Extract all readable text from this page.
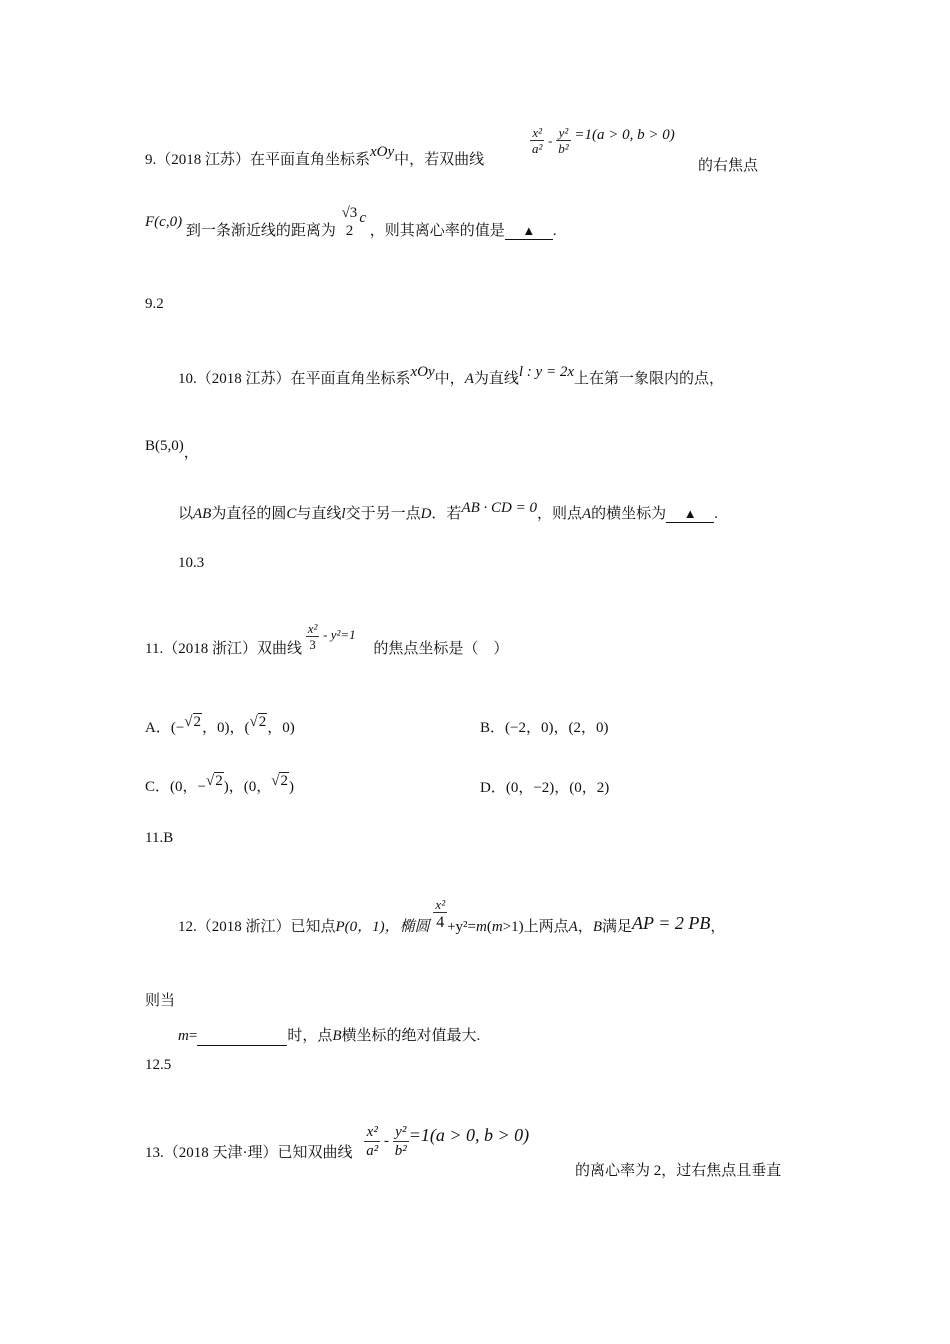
9.（2018 江苏）在平面直角坐标系xOy中，若双曲线
$\frac{\text{x²}}{\text{a²}} - \frac{\text{y²}}{\text{b²}} =1(a > 0$, b > 0)
的右焦点
F(c,0) 到一条渐近线的距离为
√3
2
c ，则其离心率的值是 ▲ .
9.2
10.（2018 江苏）在平面直角坐标系xOy中，A为直线l : y = 2x上在第一象限内的点，
B(5,0)，
以AB为直径的圆C与直线l交于另一点D．若AB · CD = 0，则点A的横坐标为 ▲ .
10.3
11.（2018 浙江）双曲线 $\frac{\text{x²}}{3} - y^2=1$ 的焦点坐标是（　）
A．(−√2，0)，(√2，0)	B．(−2，0)，(2，0)
C．(0，−√2)，(0，√2)	D．(0，−2)，(0，2)
11.B
12.（2018 浙江）已知点P(0，1)，椭圆 $\frac{\text{x²}}{4} +y^2=m(m>1)$上两点A，B满足AP = 2 PB，
则当
m=	时，点B横坐标的绝对值最大.
12.5
13.（2018 天津·理）已知双曲线 $\frac{\text{x²}}{\text{a²}} - \frac{\text{y²}}{\text{b²}} =1(a > 0$, b > 0)
的离心率为 2，过右焦点且垂直
